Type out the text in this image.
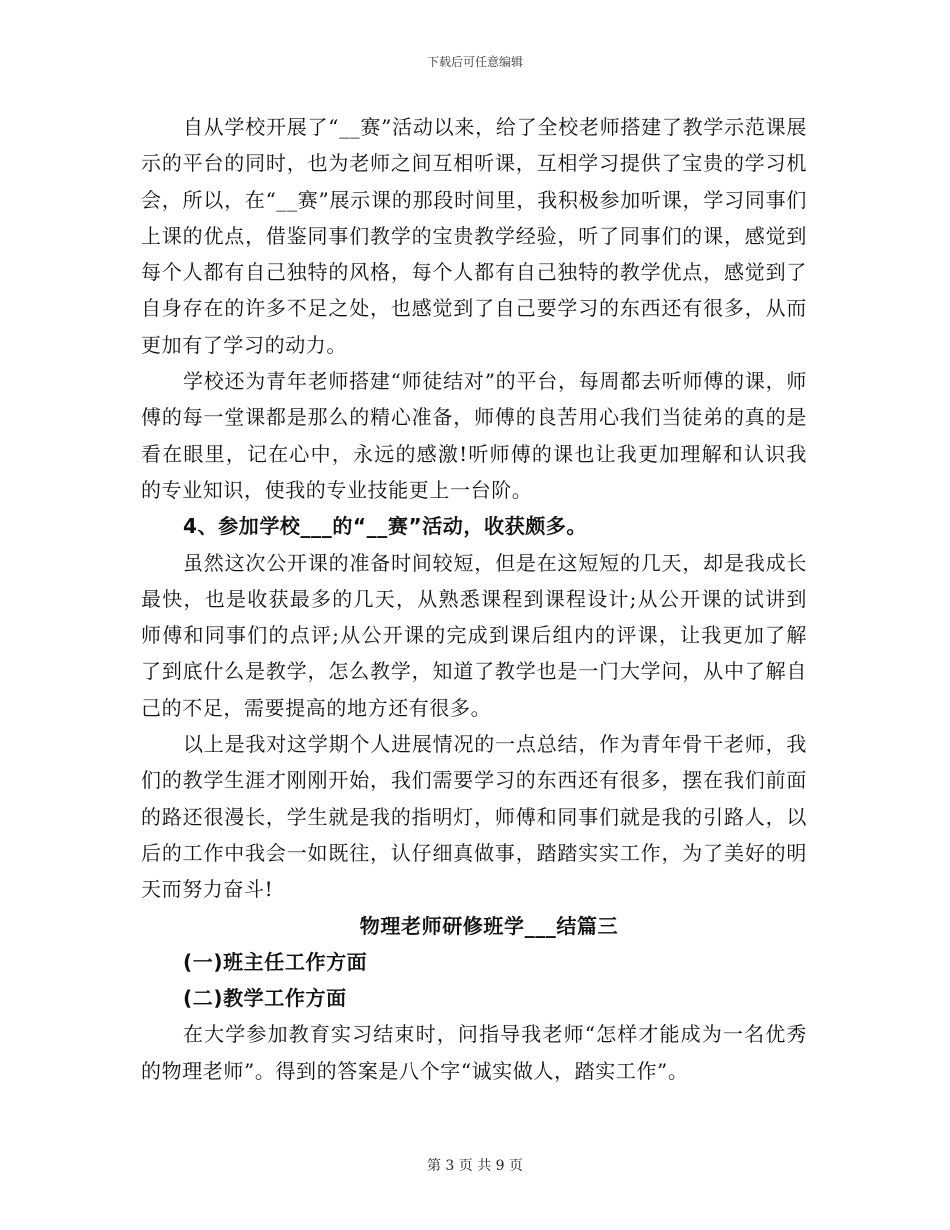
下载后可任意编辑

自从学校开展了“__赛”活动以来，给了全校老师搭建了教学示范课展示的平台的同时，也为老师之间互相听课，互相学习提供了宝贵的学习机会，所以，在“__赛”展示课的那段时间里，我积极参加听课，学习同事们上课的优点，借鉴同事们教学的宝贵教学经验，听了同事们的课，感觉到每个人都有自己独特的风格，每个人都有自己独特的教学优点，感觉到了自身存在的许多不足之处，也感觉到了自己要学习的东西还有很多，从而更加有了学习的动力。

学校还为青年老师搭建“师徒结对”的平台，每周都去听师傅的课，师傅的每一堂课都是那么的精心准备，师傅的良苦用心我们当徒弟的真的是看在眼里，记在心中，永远的感激!听师傅的课也让我更加理解和认识我的专业知识，使我的专业技能更上一台阶。

4、参加学校___的“__赛”活动，收获颇多。

虽然这次公开课的准备时间较短，但是在这短短的几天，却是我成长最快，也是收获最多的几天，从熟悉课程到课程设计;从公开课的试讲到师傅和同事们的点评;从公开课的完成到课后组内的评课，让我更加了解了到底什么是教学，怎么教学，知道了教学也是一门大学问，从中了解自己的不足，需要提高的地方还有很多。

以上是我对这学期个人进展情况的一点总结，作为青年骨干老师，我们的教学生涯才刚刚开始，我们需要学习的东西还有很多，摆在我们前面的路还很漫长，学生就是我的指明灯，师傅和同事们就是我的引路人，以后的工作中我会一如既往，认仔细真做事，踏踏实实工作，为了美好的明天而努力奋斗!

物理老师研修班学___结篇三

(一)班主任工作方面

(二)教学工作方面

在大学参加教育实习结束时，问指导我老师“怎样才能成为一名优秀的物理老师”。得到的答案是八个字“诚实做人，踏实工作”。

第 3 页 共 9 页
